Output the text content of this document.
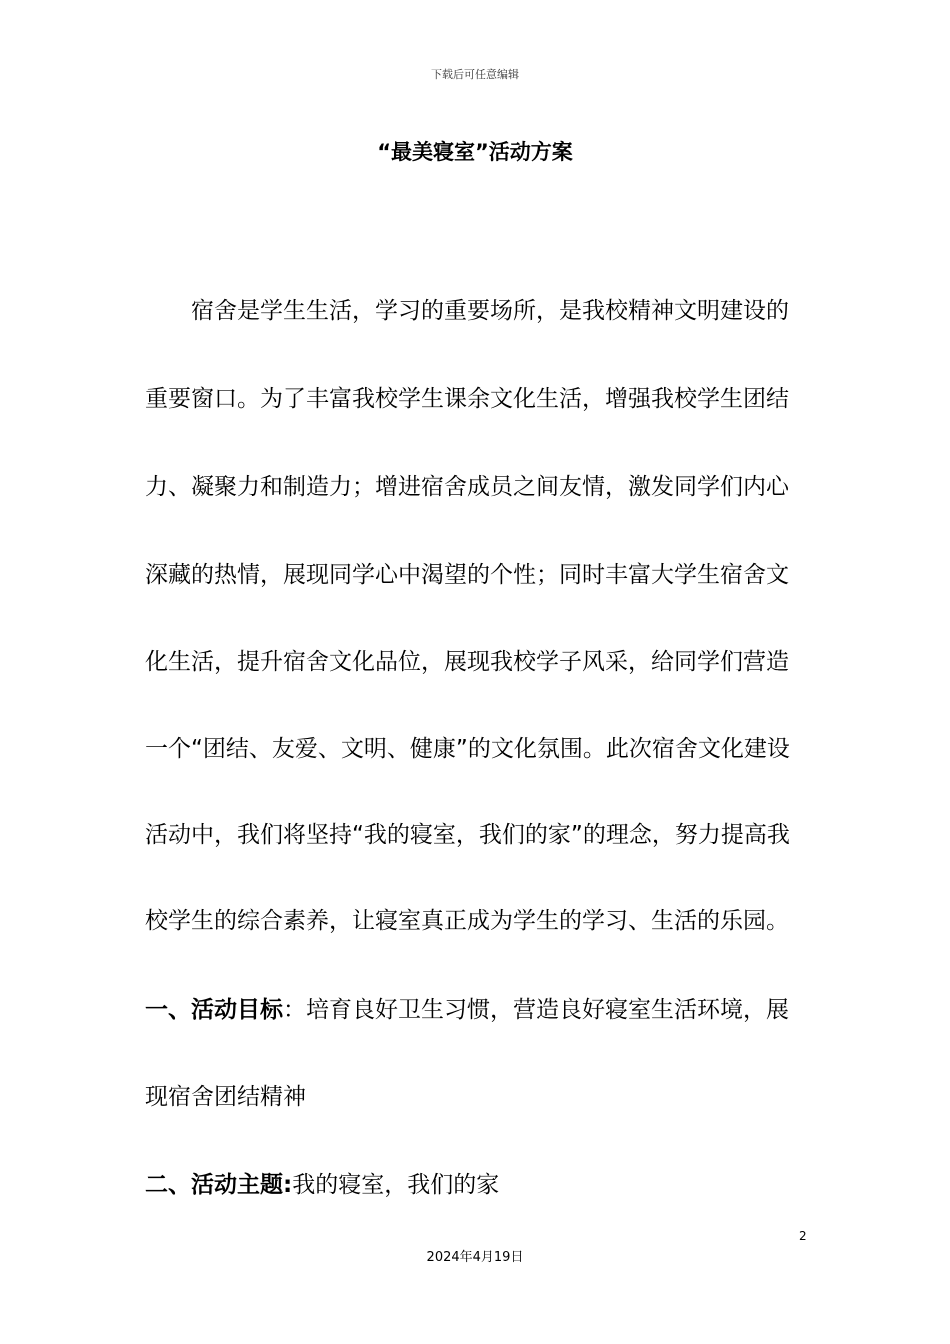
下载后可任意编辑
“最美寝室”活动方案
　　宿舍是学生生活，学习的重要场所，是我校精神文明建设的
重要窗口。为了丰富我校学生课余文化生活，增强我校学生团结
力、凝聚力和制造力；增进宿舍成员之间友情，激发同学们内心
深藏的热情，展现同学心中渴望的个性；同时丰富大学生宿舍文
化生活，提升宿舍文化品位，展现我校学子风采，给同学们营造
一个“团结、友爱、文明、健康”的文化氛围。此次宿舍文化建设
活动中，我们将坚持“我的寝室，我们的家”的理念，努力提高我
校学生的综合素养，让寝室真正成为学生的学习、生活的乐园。
一、活动目标：培育良好卫生习惯，营造良好寝室生活环境，展
现宿舍团结精神
二、活动主题:我的寝室，我们的家
2
2024年4月19日
